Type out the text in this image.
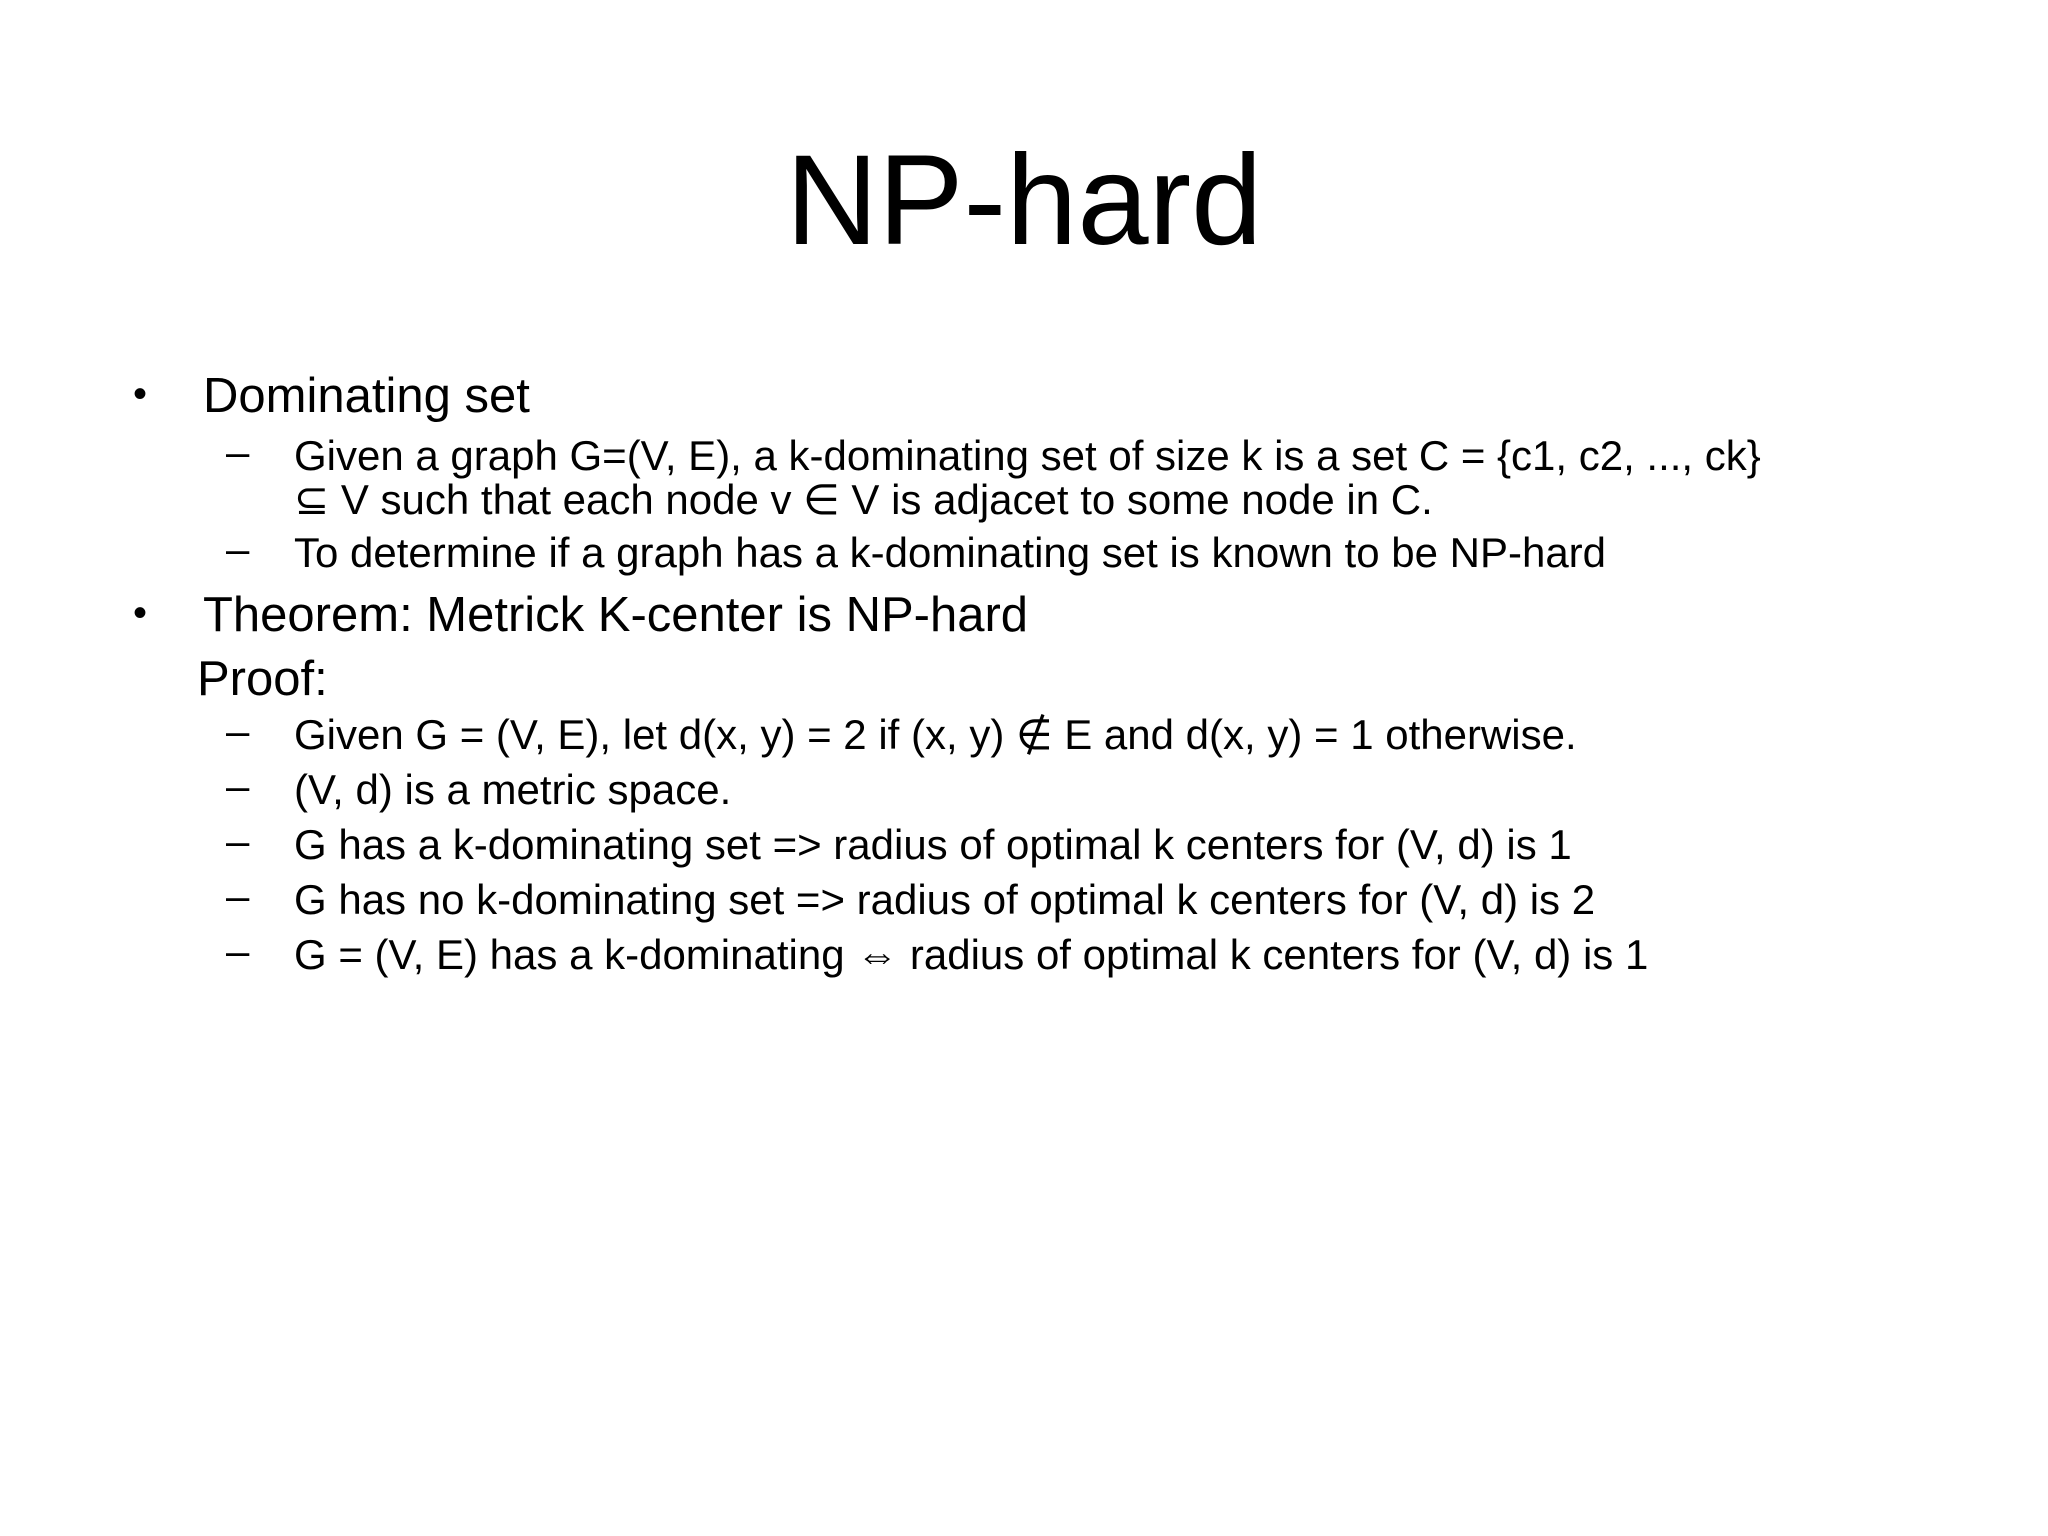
NP-hard
• Dominating set
– Given a graph G=(V, E), a k-dominating set of size k is a set C = {c1, c2, ..., ck}
⊆ V such that each node v ∈ V is adjacet to some node in C.
– To determine if a graph has a k-dominating set is known to be NP-hard
• Theorem: Metrick K-center is NP-hard
Proof:
– Given G = (V, E), let d(x, y) = 2 if (x, y) ∉ E and d(x, y) = 1 otherwise.
– (V, d) is a metric space.
– G has a k-dominating set => radius of optimal k centers for (V, d) is 1
– G has no k-dominating set => radius of optimal k centers for (V, d) is 2
– G = (V, E) has a k-dominating ⇔ radius of optimal k centers for (V, d) is 1
